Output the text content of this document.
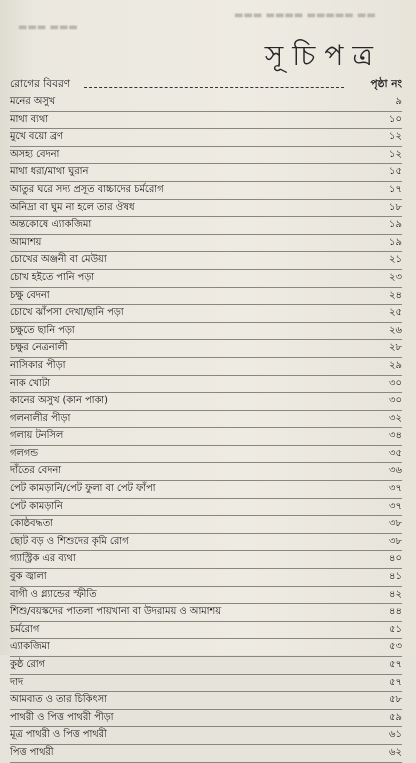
▬▬▬ ▬▬▬▬ ▬▬▬▬▬ ▬▬
▬▬▬ ▬▬▬
সূচিপত্র
রোগের বিবরণ	পৃষ্ঠা নং
মনের অসুখ	৯
মাথা ব্যথা	১০
মুখে বয়ো ব্রণ	১২
অসহ্য বেদনা	১২
মাথা ধরা/মাথা ঘুরান	১৫
আতুর ঘরে সদ্য প্রসূত বাচ্চাদের চর্মরোগ	১৭
অনিদ্রা বা ঘুম না হলে তার ঔষধ	১৮
অন্তকোষে এ্যাকজিমা	১৯
আমাশয়	১৯
চোখের অঞ্জনী বা মেউয়া	২১
চোখ হইতে পানি পড়া	২৩
চক্ষু বেদনা	২৪
চোখে ঝাঁপসা দেখা/ছানি পড়া	২৫
চক্ষুতে ছানি পড়া	২৬
চক্ষুর নেত্রনালী	২৮
নাসিকার পীড়া	২৯
নাক খোটা	৩০
কানের অসুখ (কান পাকা)	৩০
গলনালীর পীড়া	৩২
গলায় টনসিল	৩৪
গলগন্ড	৩৫
দাঁতের বেদনা	৩৬
পেট কামড়ানি/পেট ফুলা বা পেট ফাঁপা	৩৭
পেট কামড়ানি	৩৭
কোষ্ঠবদ্ধতা	৩৮
ছোট বড় ও শিশুদের কৃমি রোগ	৩৮
গ্যাস্ট্রিক এর ব্যথা	৪০
বুক জ্বালা	৪১
বাগী ও গ্ল্যান্ডের স্ফীতি	৪২
শিশু/বয়স্কদের পাতলা পায়খানা বা উদরাময় ও আমাশয়	৪৪
চর্মরোগ	৫১
এ্যাকজিমা	৫৩
কুষ্ঠ রোগ	৫৭
দাদ	৫৭
আমবাত ও তার চিকিৎসা	৫৮
পাথরী ও পিত্ত পাথরী পীড়া	৫৯
মূত্র পাথরী ও পিত্ত পাথরী	৬১
পিত্ত পাথরী	৬২
